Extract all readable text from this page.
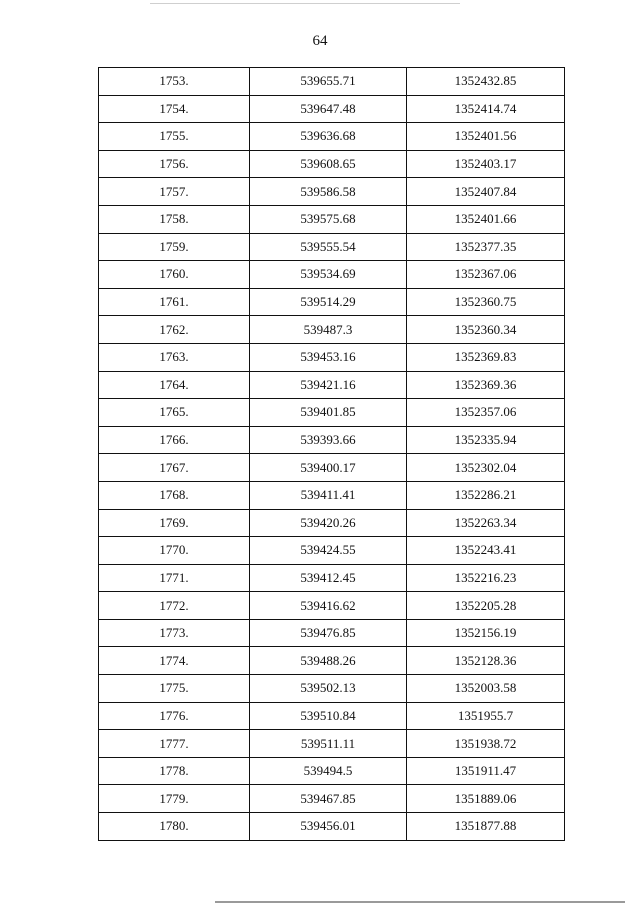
64
1753.	539655.71	1352432.85
1754.	539647.48	1352414.74
1755.	539636.68	1352401.56
1756.	539608.65	1352403.17
1757.	539586.58	1352407.84
1758.	539575.68	1352401.66
1759.	539555.54	1352377.35
1760.	539534.69	1352367.06
1761.	539514.29	1352360.75
1762.	539487.3	1352360.34
1763.	539453.16	1352369.83
1764.	539421.16	1352369.36
1765.	539401.85	1352357.06
1766.	539393.66	1352335.94
1767.	539400.17	1352302.04
1768.	539411.41	1352286.21
1769.	539420.26	1352263.34
1770.	539424.55	1352243.41
1771.	539412.45	1352216.23
1772.	539416.62	1352205.28
1773.	539476.85	1352156.19
1774.	539488.26	1352128.36
1775.	539502.13	1352003.58
1776.	539510.84	1351955.7
1777.	539511.11	1351938.72
1778.	539494.5	1351911.47
1779.	539467.85	1351889.06
1780.	539456.01	1351877.88
